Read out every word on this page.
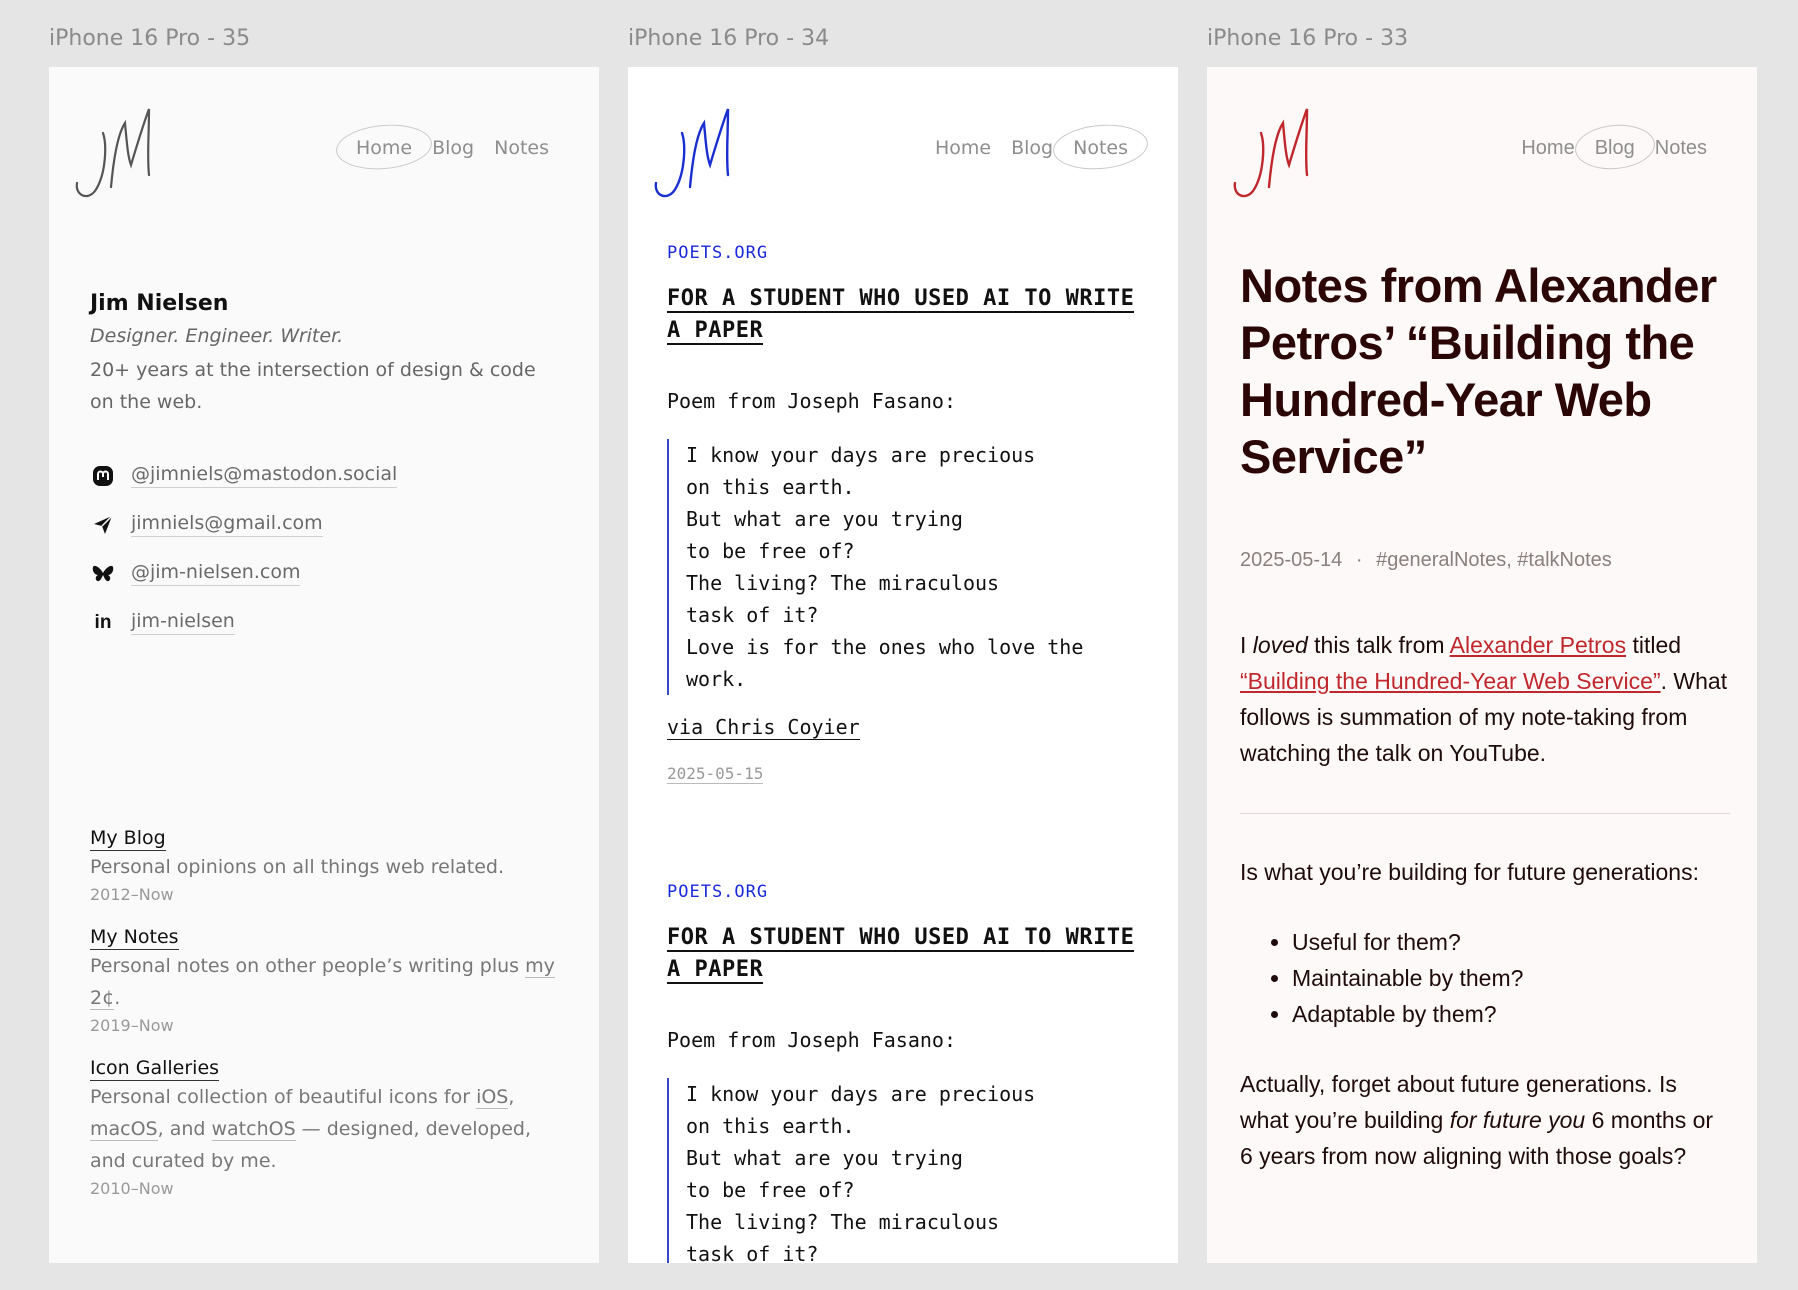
iPhone 16 Pro - 35	iPhone 16 Pro - 34	iPhone 16 Pro - 33
Home	Blog	Notes
Jim Nielsen
Designer. Engineer. Writer.
20+ years at the intersection of design & code on the web.
@jimniels@mastodon.social
jimniels@gmail.com
@jim-nielsen.com
in jim-nielsen
My Blog
Personal opinions on all things web related.
2012–Now
My Notes
Personal notes on other people’s writing plus my 2¢.
2019–Now
Icon Galleries
Personal collection of beautiful icons for iOS, macOS, and watchOS — designed, developed, and curated by me.
2010–Now
Home	Blog	Notes
POETS.ORG
FOR A STUDENT WHO USED AI TO WRITE A PAPER
Poem from Joseph Fasano:
I know your days are precious
on this earth.
But what are you trying
to be free of?
The living? The miraculous
task of it?
Love is for the ones who love the work.
via Chris Coyier
2025-05-15
POETS.ORG
FOR A STUDENT WHO USED AI TO WRITE A PAPER
Poem from Joseph Fasano:
I know your days are precious
on this earth.
But what are you trying
to be free of?
The living? The miraculous
task of it?
Home	Blog	Notes
Notes from Alexander Petros’ “Building the Hundred-Year Web Service”
2025-05-14 · #generalNotes, #talkNotes

I loved this talk from Alexander Petros titled “Building the Hundred-Year Web Service”. What follows is summation of my note-taking from watching the talk on YouTube.

Is what you’re building for future generations:

• Useful for them?
• Maintainable by them?
• Adaptable by them?

Actually, forget about future generations. Is what you’re building for future you 6 months or 6 years from now aligning with those goals?
